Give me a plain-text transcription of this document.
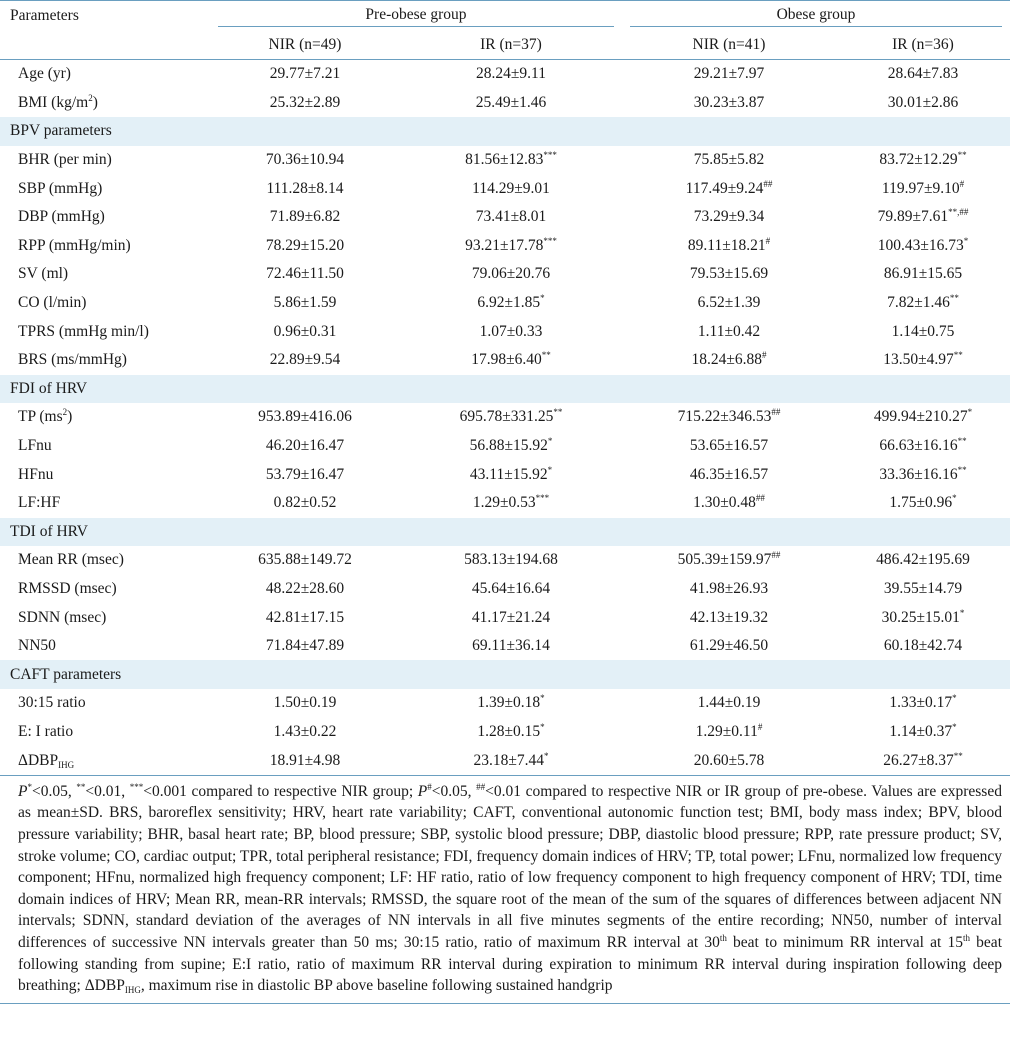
Parameters	Pre-obese group		Obese group	
	NIR (n=49)	IR (n=37)	NIR (n=41)	IR (n=36)
Age (yr)	29.77±7.21	28.24±9.11	29.21±7.97	28.64±7.83
BMI $(kg/m^2)$	25.32±2.89	25.49±1.46	30.23±3.87	30.01±2.86
BPV parameters				
BHR (per min)	70.36±10.94	81.56±12.83***	75.85±5.82	83.72±12.29**
SBP (mmHg)	111.28±8.14	114.29±9.01	117.49±9.24##	119.97±9.10#
DBP (mmHg)	71.89±6.82	73.41±8.01	73.29±9.34	79.89±7.61**,##
RPP (mmHg/min)	78.29±15.20	93.21±17.78***	89.11±18.21#	100.43±16.73*
SV (ml)	72.46±11.50	79.06±20.76	79.53±15.69	86.91±15.65
CO (l/min)	5.86±1.59	6.92±1.85*	6.52±1.39	7.82±1.46**
TPRS (mmHg min/l)	0.96±0.31	1.07±0.33	1.11±0.42	1.14±0.75
BRS (ms/mmHg)	22.89±9.54	17.98±6.40**	18.24±6.88#	13.50±4.97**
FDI of HRV				
TP $(ms^2)$	953.89±416.06	695.78±331.25**	715.22±346.53##	499.94±210.27*
LFnu	46.20±16.47	56.88±15.92*	53.65±16.57	66.63±16.16**
HFnu	53.79±16.47	43.11±15.92*	46.35±16.57	33.36±16.16**
LF:HF	0.82±0.52	1.29±0.53***	1.30±0.48##	1.75±0.96*
TDI of HRV				
Mean RR (msec)	635.88±149.72	583.13±194.68	505.39±159.97##	486.42±195.69
RMSSD (msec)	48.22±28.60	45.64±16.64	41.98±26.93	39.55±14.79
SDNN (msec)	42.81±17.15	41.17±21.24	42.13±19.32	30.25±15.01*
NN50	71.84±47.89	69.11±36.14	61.29±46.50	60.18±42.74
CAFT parameters				
30:15 ratio	1.50±0.19	1.39±0.18*	1.44±0.19	1.33±0.17*
E: I ratio	1.43±0.22	1.28±0.15*	1.29±0.11#	1.14±0.37*
$\Delta DBP_{IHG}$	18.91±4.98	23.18±7.44*	20.60±5.78	26.27±8.37**

P*<0.05, **<0.01, ***<0.001 compared to respective NIR group; P#<0.05, ##<0.01 compared to respective NIR or IR group of pre-obese. Values are expressed as mean±SD. BRS, baroreflex sensitivity; HRV, heart rate variability; CAFT, conventional autonomic function test; BMI, body mass index; BPV, blood pressure variability; BHR, basal heart rate; BP, blood pressure; SBP, systolic blood pressure; DBP, diastolic blood pressure; RPP, rate pressure product; SV, stroke volume; CO, cardiac output; TPR, total peripheral resistance; FDI, frequency domain indices of HRV; TP, total power; LFnu, normalized low frequency component; HFnu, normalized high frequency component; LF: HF ratio, ratio of low frequency component to high frequency component of HRV; TDI, time domain indices of HRV; Mean RR, mean-RR intervals; RMSSD, the square root of the mean of the sum of the squares of differences between adjacent NN intervals; SDNN, standard deviation of the averages of NN intervals in all five minutes segments of the entire recording; NN50, number of interval differences of successive NN intervals greater than 50 ms; 30:15 ratio, ratio of maximum RR interval at 30th beat to minimum RR interval at 15th beat following standing from supine; E:I ratio, ratio of maximum RR interval during expiration to minimum RR interval during inspiration following deep breathing; $\Delta DBP_{IHG}$, maximum rise in diastolic BP above baseline following sustained handgrip
